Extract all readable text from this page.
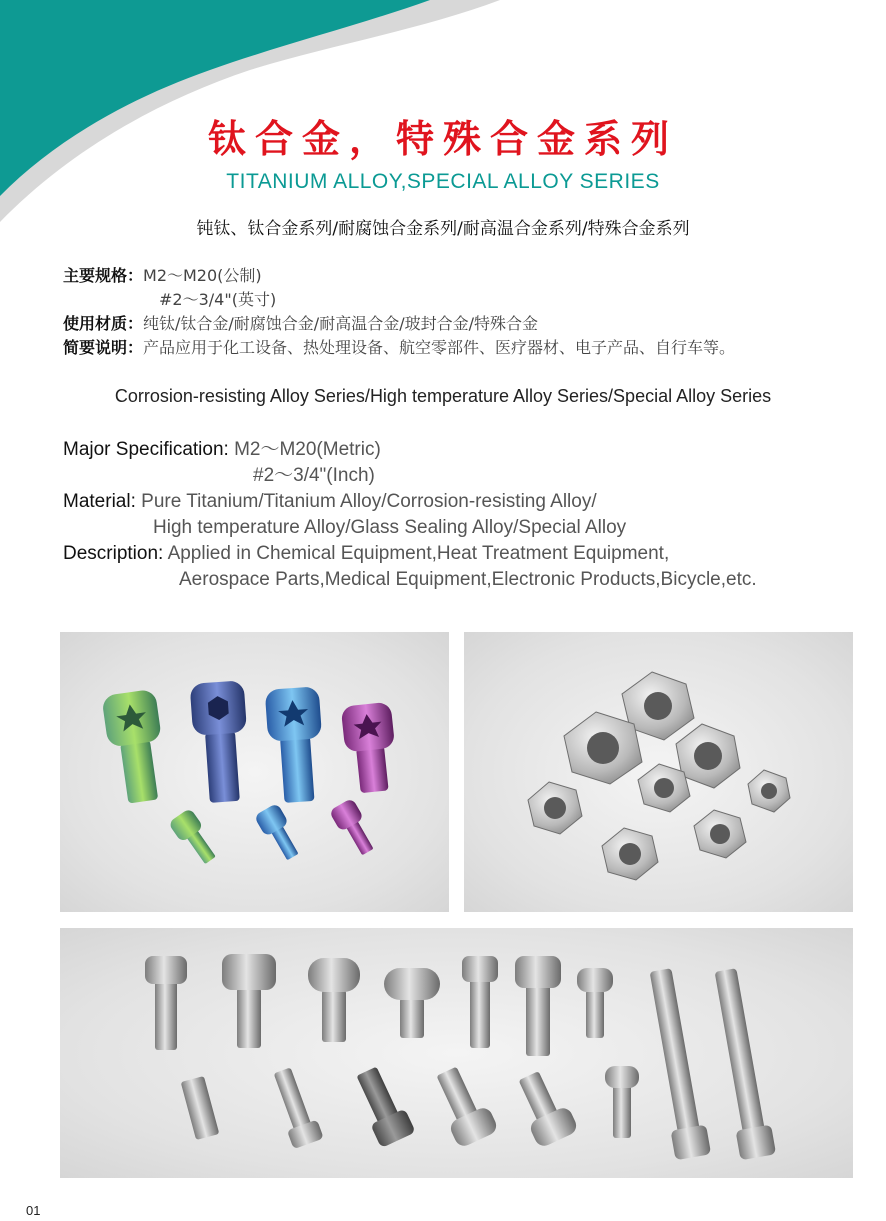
钛合金，特殊合金系列
TITANIUM ALLOY,SPECIAL ALLOY SERIES
钝钛、钛合金系列/耐腐蚀合金系列/耐高温合金系列/特殊合金系列
主要规格：M2～M20(公制)
#2～3/4"(英寸)
使用材质：纯钛/钛合金/耐腐蚀合金/耐高温合金/玻封合金/特殊合金
简要说明：产品应用于化工设备、热处理设备、航空零部件、医疗器材、电子产品、自行车等。
Corrosion-resisting Alloy Series/High temperature Alloy Series/Special Alloy Series
Major Specification: M2～M20(Metric)
#2～3/4"(Inch)
Material: Pure Titanium/Titanium Alloy/Corrosion-resisting Alloy/
High temperature Alloy/Glass Sealing Alloy/Special Alloy
Description: Applied in Chemical Equipment,Heat Treatment Equipment,
Aerospace Parts,Medical Equipment,Electronic Products,Bicycle,etc.
01
